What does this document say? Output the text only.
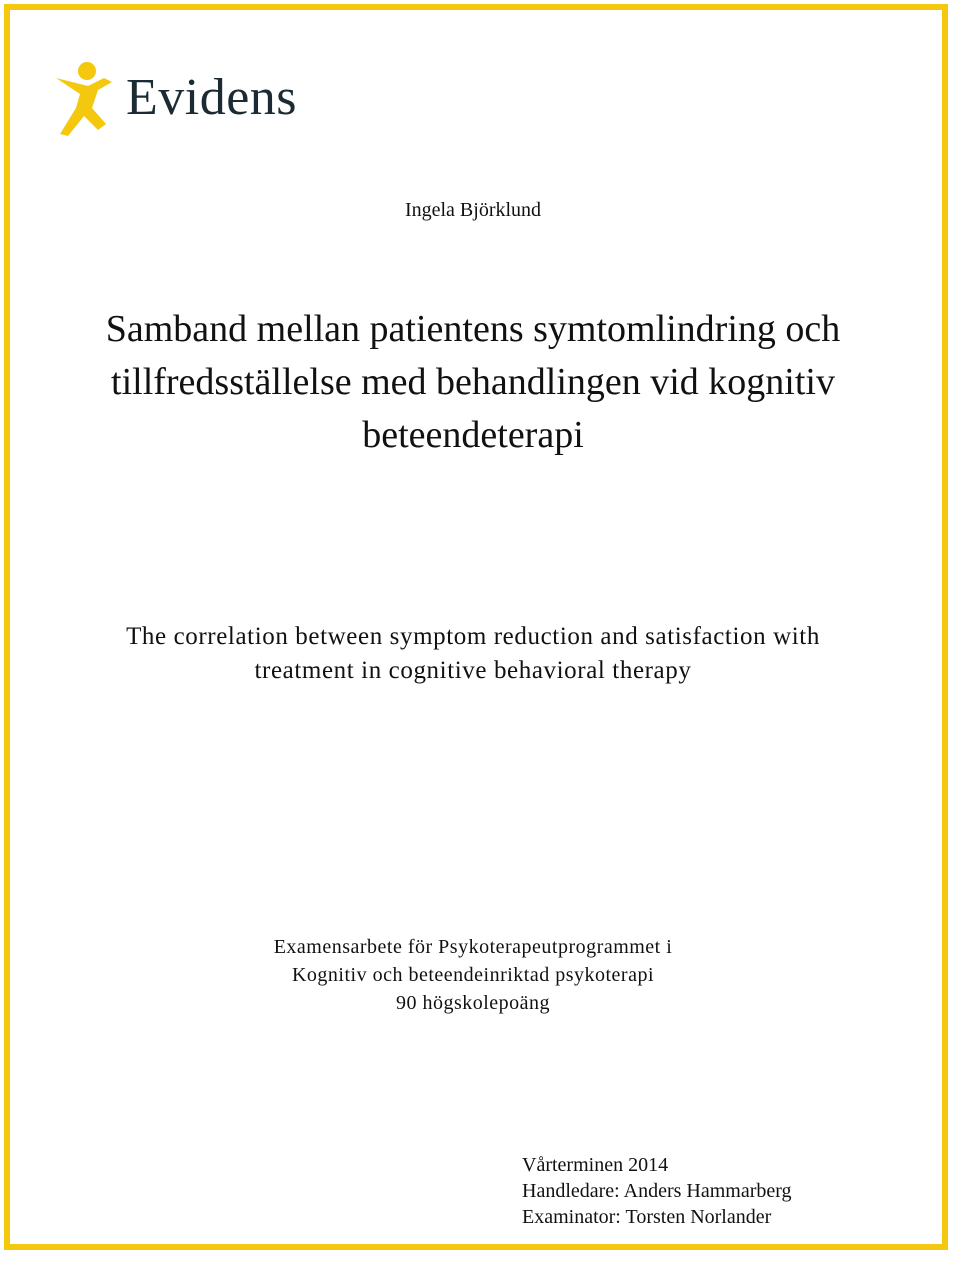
Evidens
Ingela Björklund
Samband mellan patientens symtomlindring och
tillfredsställelse med behandlingen vid kognitiv
beteendeterapi
The correlation between symptom reduction and satisfaction with
treatment in cognitive behavioral therapy
Examensarbete för Psykoterapeutprogrammet i
Kognitiv och beteendeinriktad psykoterapi
90 högskolepoäng
Vårterminen 2014
Handledare: Anders Hammarberg
Examinator: Torsten Norlander
